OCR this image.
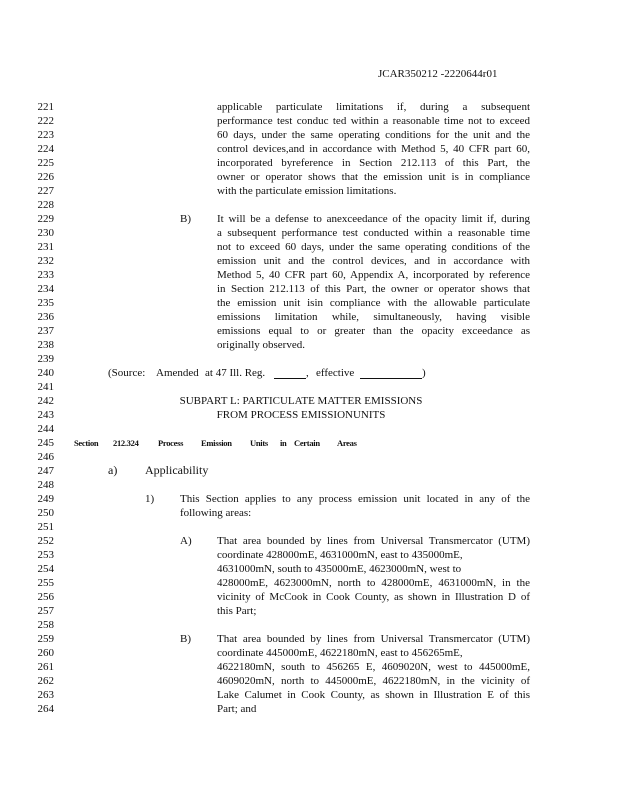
JCAR350212 -2220644r01
221
222
223
224
225
226
227
228
229
230
231
232
233
234
235
236
237
238
239
240
241
242
243
244
245
246
247
248
249
250
251
252
253
254
255
256
257
258
259
260
261
262
263
264
applicable particulate limitations if, during a subsequent
performance test conduc ted within a reasonable time not to exceed
60 days, under the same operating conditions for the unit and the
control devices,and in accordance with Method 5, 40 CFR part 60,
incorporated byreference in Section 212.113 of this Part, the
owner or operator shows that the emission unit is in compliance
with the particulate emission limitations.
B) It will be a defense to anexceedance of the opacity limit if, during
a subsequent performance test conducted within a reasonable time
not to exceed 60 days, under the same operating conditions of the
emission unit and the control devices, and in accordance with
Method 5, 40 CFR part 60, Appendix A, incorporated by reference
in Section 212.113 of this Part, the owner or operator shows that
the emission unit isin compliance with the allowable particulate
emissions limitation while, simultaneously, having visible
emissions equal to or greater than the opacity exceedance as
originally observed.
(Source: Amended at 47 Ill. Reg.	, effective	)
SUBPART L: PARTICULATE MATTER EMISSIONS
FROM PROCESS EMISSIONUNITS
Section 212.324 Process Emission Units in Certain Areas
a) Applicability
1) This Section applies to any process emission unit located in any of the
following areas:
A) That area bounded by lines from Universal Transmercator (UTM)
coordinate 428000mE, 4631000mN, east to 435000mE,
4631000mN, south to 435000mE, 4623000mN, west to
428000mE, 4623000mN, north to 428000mE, 4631000mN, in the
vicinity of McCook in Cook County, as shown in Illustration D of
this Part;
B) That area bounded by lines from Universal Transmercator (UTM)
coordinate 445000mE, 4622180mN, east to 456265mE,
4622180mN, south to 456265 E, 4609020N, west to 445000mE,
4609020mN, north to 445000mE, 4622180mN, in the vicinity of
Lake Calumet in Cook County, as shown in Illustration E of this
Part; and
